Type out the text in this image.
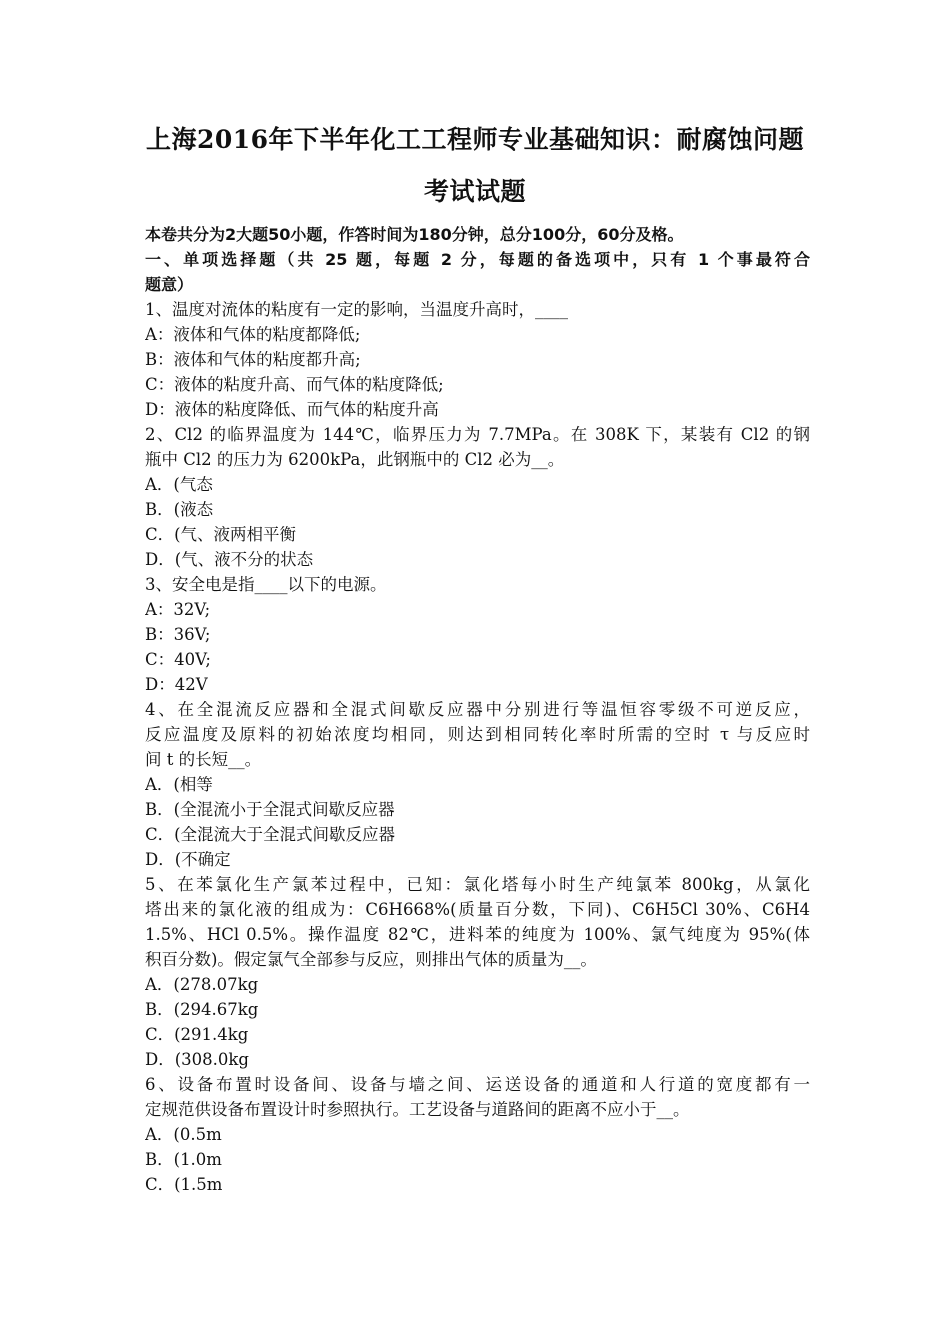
上海2016年下半年化工工程师专业基础知识：耐腐蚀问题
考试试题
本卷共分为2大题50小题，作答时间为180分钟，总分100分，60分及格。
一、单项选择题（共 25 题，每题 2 分，每题的备选项中，只有 1 个事最符合
题意）
1、温度对流体的粘度有一定的影响，当温度升高时，____
A：液体和气体的粘度都降低;
B：液体和气体的粘度都升高;
C：液体的粘度升高、而气体的粘度降低;
D：液体的粘度降低、而气体的粘度升高
2、Cl2 的临界温度为 144℃，临界压力为 7.7MPa。在 308K 下，某装有 Cl2 的钢
瓶中 Cl2 的压力为 6200kPa，此钢瓶中的 Cl2 必为__。
A．(气态
B．(液态
C．(气、液两相平衡
D．(气、液不分的状态
3、安全电是指____以下的电源。
A：32V;
B：36V;
C：40V;
D：42V
4、在全混流反应器和全混式间歇反应器中分别进行等温恒容零级不可逆反应，
反应温度及原料的初始浓度均相同，则达到相同转化率时所需的空时 τ 与反应时
间 t 的长短__。
A．(相等
B．(全混流小于全混式间歇反应器
C．(全混流大于全混式间歇反应器
D．(不确定
5、在苯氯化生产氯苯过程中，已知：氯化塔每小时生产纯氯苯 800kg，从氯化
塔出来的氯化液的组成为：C6H668%(质量百分数，下同)、C6H5Cl 30%、C6H4
1.5%、HCl 0.5%。操作温度 82℃，进料苯的纯度为 100%、氯气纯度为 95%(体
积百分数)。假定氯气全部参与反应，则排出气体的质量为__。
A．(278.07kg
B．(294.67kg
C．(291.4kg
D．(308.0kg
6、设备布置时设备间、设备与墙之间、运送设备的通道和人行道的宽度都有一
定规范供设备布置设计时参照执行。工艺设备与道路间的距离不应小于__。
A．(0.5m
B．(1.0m
C．(1.5m
